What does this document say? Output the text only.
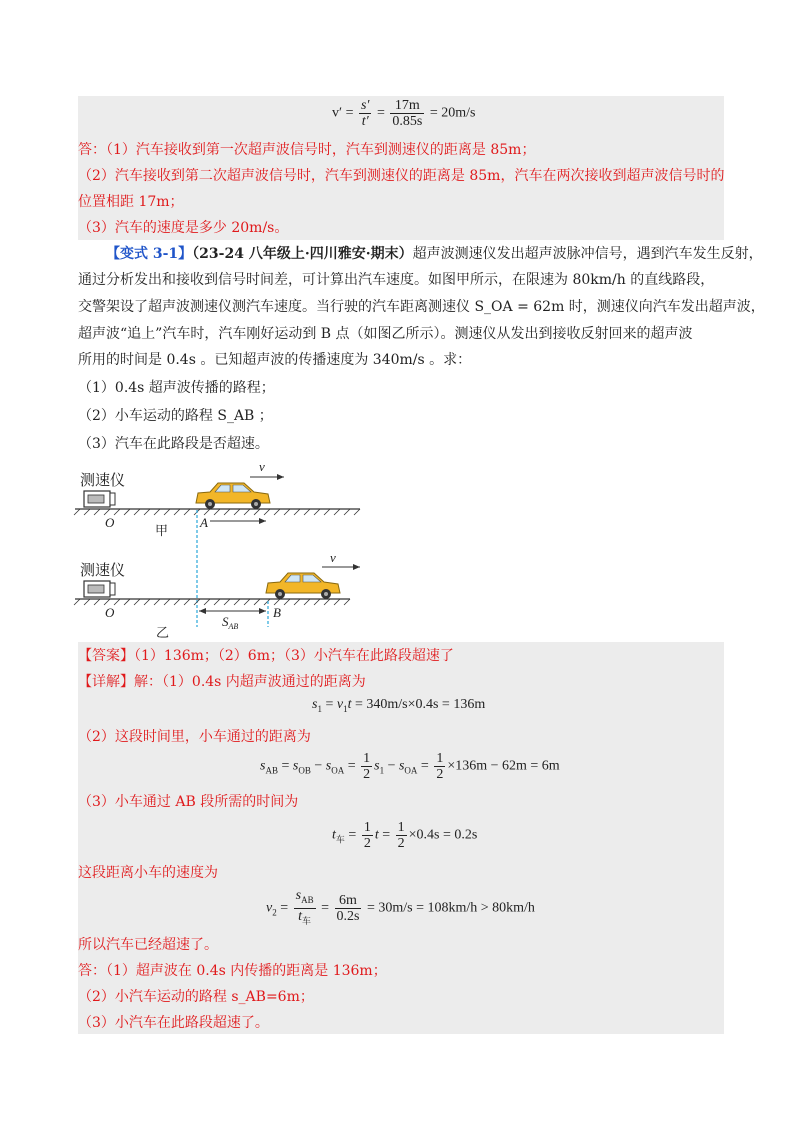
$v' = \frac{s'}{t'} = \frac{17m}{0.85s} = 20m/s$
答：（1）汽车接收到第一次超声波信号时，汽车到测速仪的距离是 85m；
（2）汽车接收到第二次超声波信号时，汽车到测速仪的距离是 85m，汽车在两次接收到超声波信号时的
位置相距 17m；
（3）汽车的速度是多少 20m/s。
【变式 3-1】（23-24 八年级上·四川雅安·期末）超声波测速仪发出超声波脉冲信号，遇到汽车发生反射，
通过分析发出和接收到信号时间差，可计算出汽车速度。如图甲所示，在限速为 80km/h 的直线路段，
交警架设了超声波测速仪测汽车速度。当行驶的汽车距离测速仪 S_OA = 62m 时，测速仪向汽车发出超声波，
超声波“追上”汽车时，汽车刚好运动到 B 点（如图乙所示）。测速仪从发出到接收反射回来的超声波
所用的时间是 0.4s 。已知超声波的传播速度为 340m/s 。求：
（1）0.4s 超声波传播的路程；
（2）小车运动的路程 S_AB ；
（3）汽车在此路段是否超速。
测速仪
v
O	A
甲
测速仪
v
O	B
$S_{AB}$
乙
【答案】（1）136m；（2）6m；（3）小汽车在此路段超速了
【详解】解：（1）0.4s 内超声波通过的距离为
$s_1 = v_1t = 340m/s\times 0.4s = 136m$
（2）这段时间里，小车通过的距离为
$s_{AB} = s_{OB} - s_{OA} = \frac{1}{2} s_1 - s_{OA} = \frac{1}{2} \times 136m - 62m = 6m$
（3）小车通过 AB 段所需的时间为
$t_车 = \frac{1}{2}$ $t = \frac{1}{2} \times 0.4s = 0.2s$
这段距离小车的速度为
$v_2 = \frac{s_{AB}}{t_车} = \frac{6m}{0.2s} = 30m/s = 108km/h > 80km/h$
所以汽车已经超速了。
答：（1）超声波在 0.4s 内传播的距离是 136m；
（2）小汽车运动的路程 s_AB=6m；
（3）小汽车在此路段超速了。
